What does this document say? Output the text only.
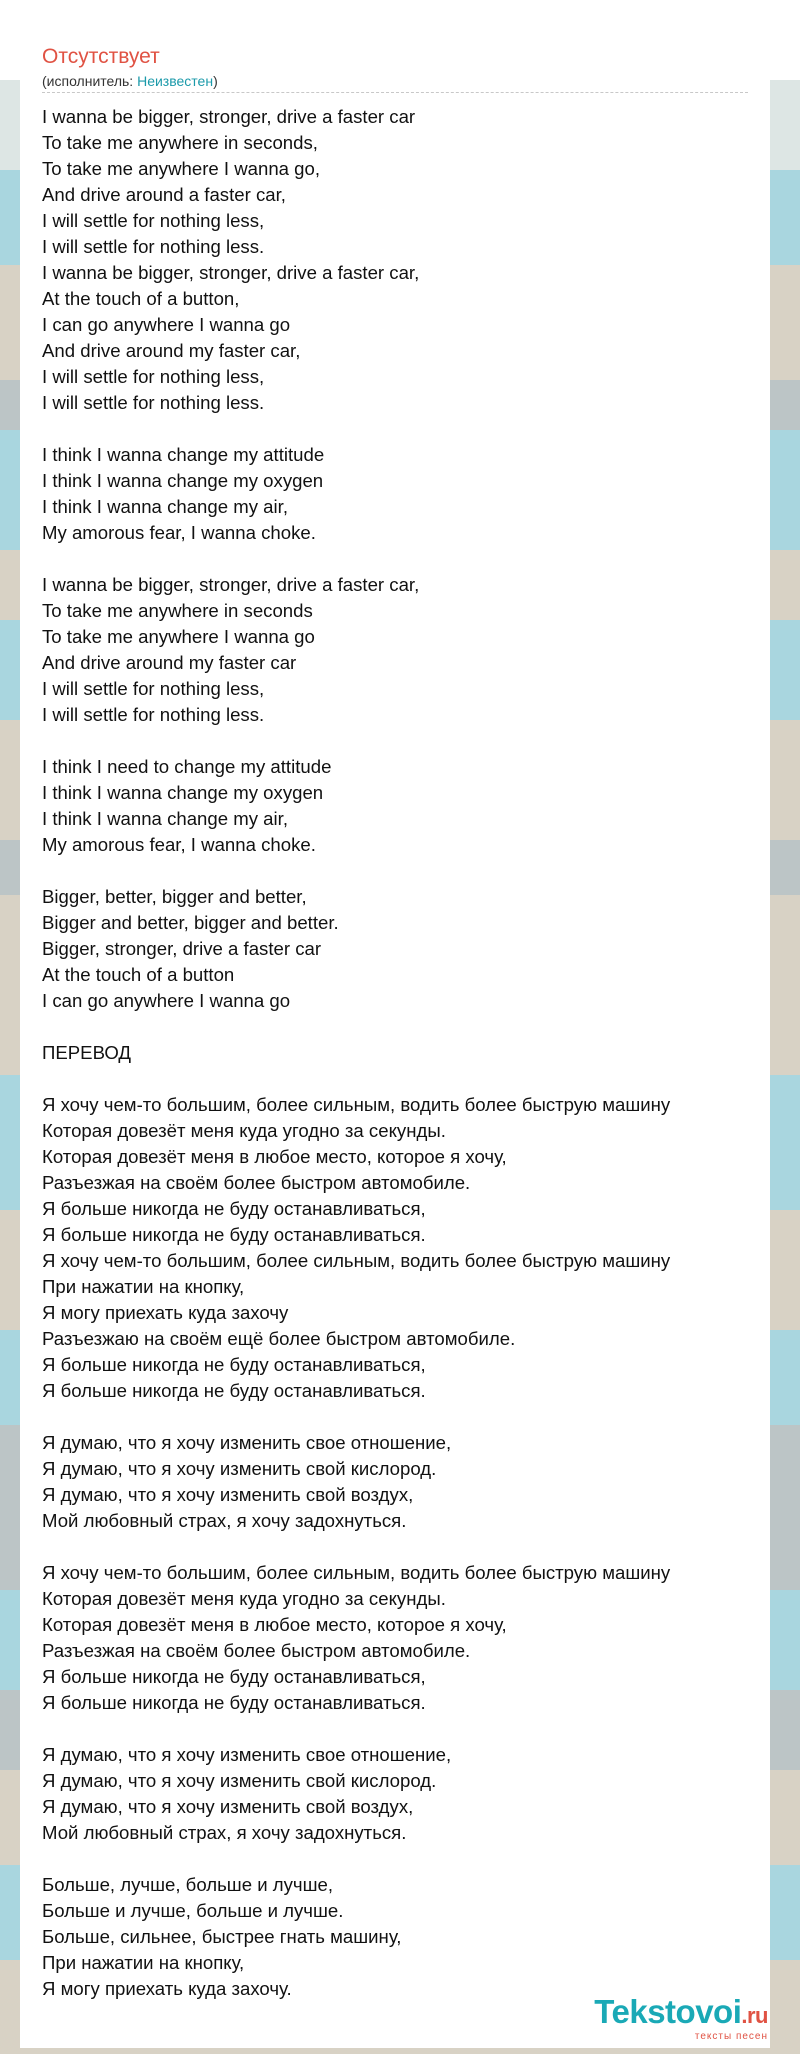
Отсутствует
(исполнитель: Неизвестен)
I wanna be bigger, stronger, drive a faster car
To take me anywhere in seconds,
To take me anywhere I wanna go,
And drive around a faster car,
I will settle for nothing less,
I will settle for nothing less.
I wanna be bigger, stronger, drive a faster car,
At the touch of a button,
I can go anywhere I wanna go
And drive around my faster car,
I will settle for nothing less,
I will settle for nothing less.
I think I wanna change my attitude
I think I wanna change my oxygen
I think I wanna change my air,
My amorous fear, I wanna choke.
I wanna be bigger, stronger, drive a faster car,
To take me anywhere in seconds
To take me anywhere I wanna go
And drive around my faster car
I will settle for nothing less,
I will settle for nothing less.
I think I need to change my attitude
I think I wanna change my oxygen
I think I wanna change my air,
My amorous fear, I wanna choke.
Bigger, better, bigger and better,
Bigger and better, bigger and better.
Bigger, stronger, drive a faster car
At the touch of a button
I can go anywhere I wanna go
ПЕРЕВОД
Я хочу чем-то большим, более сильным, водить более быструю машину
Которая довезёт меня куда угодно за секунды.
Которая довезёт меня в любое место, которое я хочу,
Разъезжая на своём более быстром автомобиле.
Я больше никогда не буду останавливаться,
Я больше никогда не буду останавливаться.
Я хочу чем-то большим, более сильным, водить более быструю машину
При нажатии на кнопку,
Я могу приехать куда захочу
Разъезжаю на своём ещё более быстром автомобиле.
Я больше никогда не буду останавливаться,
Я больше никогда не буду останавливаться.
Я думаю, что я хочу изменить свое отношение,
Я думаю, что я хочу изменить свой кислород.
Я думаю, что я хочу изменить свой воздух,
Мой любовный страх, я хочу задохнуться.
Я хочу чем-то большим, более сильным, водить более быструю машину
Которая довезёт меня куда угодно за секунды.
Которая довезёт меня в любое место, которое я хочу,
Разъезжая на своём более быстром автомобиле.
Я больше никогда не буду останавливаться,
Я больше никогда не буду останавливаться.
Я думаю, что я хочу изменить свое отношение,
Я думаю, что я хочу изменить свой кислород.
Я думаю, что я хочу изменить свой воздух,
Мой любовный страх, я хочу задохнуться.
Больше, лучше, больше и лучше,
Больше и лучше, больше и лучше.
Больше, сильнее, быстрее гнать машину,
При нажатии на кнопку,
Я могу приехать куда захочу.
Tekstovoi.ru
тексты песен
